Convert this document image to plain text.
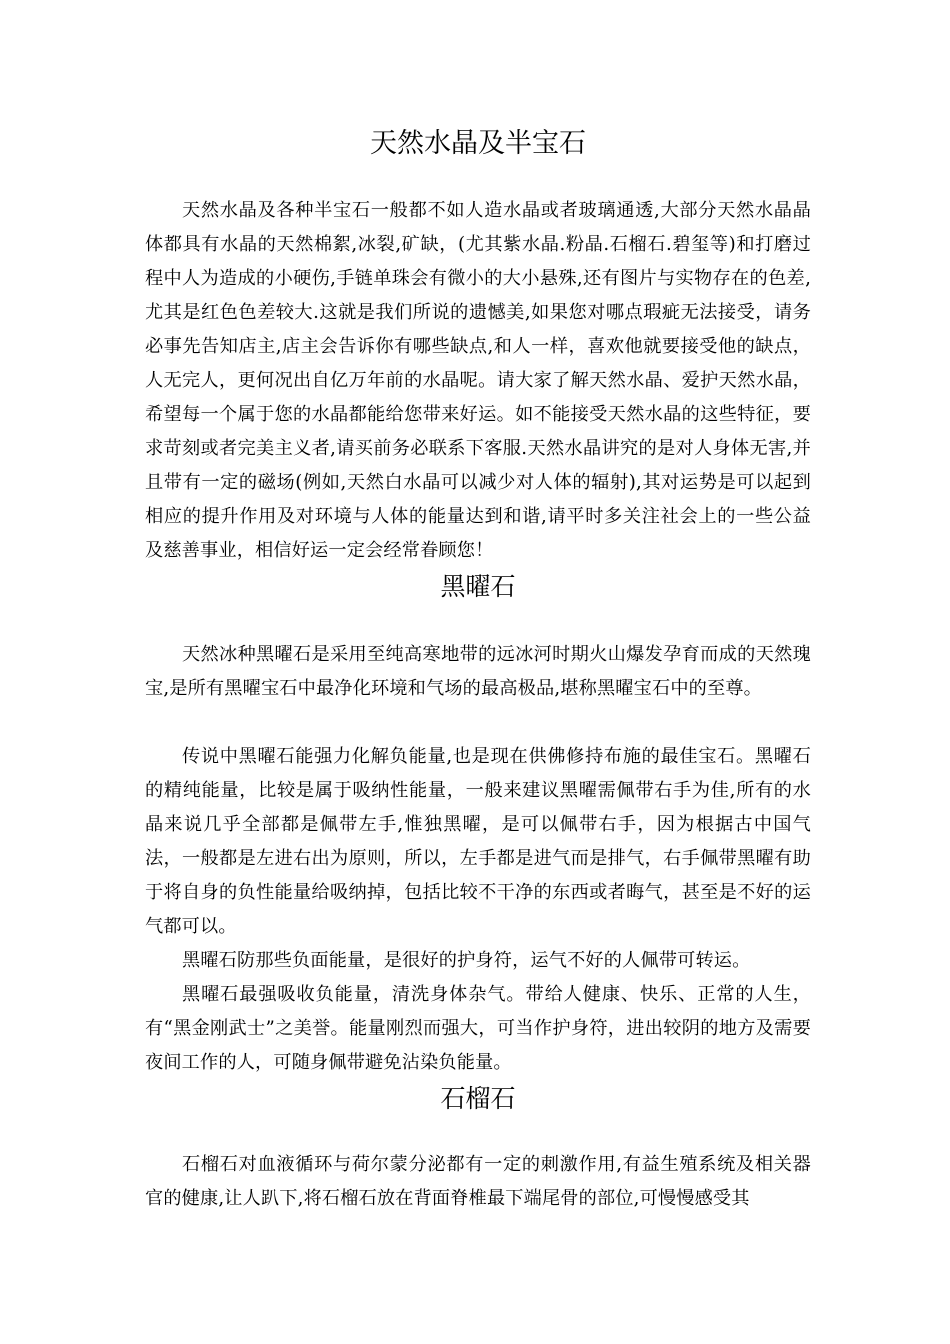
天然水晶及半宝石

天然水晶及各种半宝石一般都不如人造水晶或者玻璃通透,大部分天然水晶晶体都具有水晶的天然棉絮,冰裂,矿缺，(尤其紫水晶.粉晶.石榴石.碧玺等)和打磨过程中人为造成的小硬伤,手链单珠会有微小的大小悬殊,还有图片与实物存在的色差,尤其是红色色差较大.这就是我们所说的遗憾美,如果您对哪点瑕疵无法接受，请务必事先告知店主,店主会告诉你有哪些缺点,和人一样，喜欢他就要接受他的缺点，人无完人，更何况出自亿万年前的水晶呢。请大家了解天然水晶、爱护天然水晶，希望每一个属于您的水晶都能给您带来好运。如不能接受天然水晶的这些特征，要求苛刻或者完美主义者,请买前务必联系下客服.天然水晶讲究的是对人身体无害,并且带有一定的磁场(例如,天然白水晶可以减少对人体的辐射),其对运势是可以起到相应的提升作用及对环境与人体的能量达到和谐,请平时多关注社会上的一些公益及慈善事业，相信好运一定会经常眷顾您！

黑曜石

天然冰种黑曜石是采用至纯高寒地带的远冰河时期火山爆发孕育而成的天然瑰宝,是所有黑曜宝石中最净化环境和气场的最高极品,堪称黑曜宝石中的至尊。

传说中黑曜石能强力化解负能量,也是现在供佛修持布施的最佳宝石。黑曜石的精纯能量，比较是属于吸纳性能量，一般来建议黑曜需佩带右手为佳,所有的水晶来说几乎全部都是佩带左手,惟独黑曜，是可以佩带右手，因为根据古中国气法，一般都是左进右出为原则，所以，左手都是进气而是排气，右手佩带黑曜有助于将自身的负性能量给吸纳掉，包括比较不干净的东西或者晦气，甚至是不好的运气都可以。

黑曜石防那些负面能量，是很好的护身符，运气不好的人佩带可转运。

黑曜石最强吸收负能量，清洗身体杂气。带给人健康、快乐、正常的人生，有“黑金刚武士”之美誉。能量刚烈而强大，可当作护身符，进出较阴的地方及需要夜间工作的人，可随身佩带避免沾染负能量。

石榴石

石榴石对血液循环与荷尔蒙分泌都有一定的刺激作用,有益生殖系统及相关器官的健康,让人趴下,将石榴石放在背面脊椎最下端尾骨的部位,可慢慢感受其
